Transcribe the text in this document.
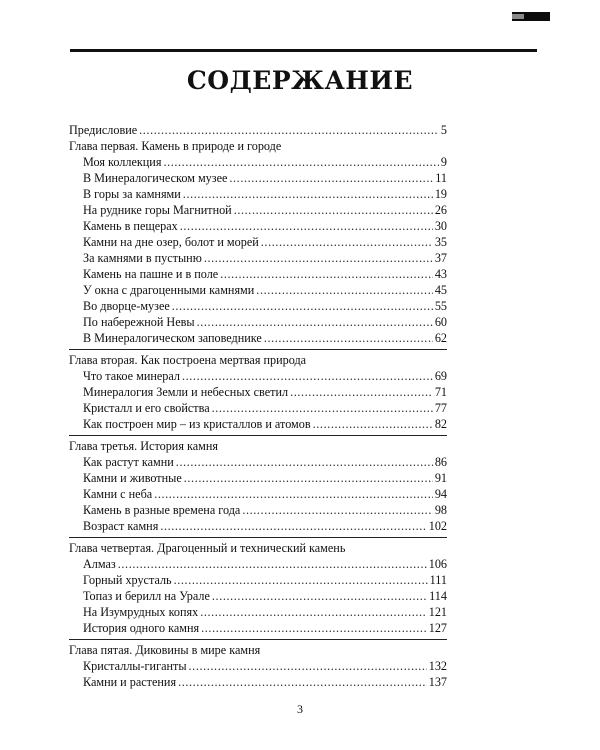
СОДЕРЖАНИЕ
Предисловие .....	5
Глава первая. Камень в природе и городе
Моя коллекция .....	9
В Минералогическом музее .....	11
В горы за камнями .....	19
На руднике горы Магнитной .....	26
Камень в пещерах .....	30
Камни на дне озер, болот и морей .....	35
За камнями в пустыню .....	37
Камень на пашне и в поле .....	43
У окна с драгоценными камнями .....	45
Во дворце-музее .....	55
По набережной Невы .....	60
В Минералогическом заповеднике .....	62
Глава вторая. Как построена мертвая природа
Что такое минерал .....	69
Минералогия Земли и небесных светил .....	71
Кристалл и его свойства .....	77
Как построен мир – из кристаллов и атомов .....	82
Глава третья. История камня
Как растут камни .....	86
Камни и животные .....	91
Камни с неба .....	94
Камень в разные времена года .....	98
Возраст камня .....	102
Глава четвертая. Драгоценный и технический камень
Алмаз .....	106
Горный хрусталь .....	111
Топаз и берилл на Урале .....	114
На Изумрудных копях .....	121
История одного камня .....	127
Глава пятая. Диковины в мире камня
Кристаллы-гиганты .....	132
Камни и растения .....	137
3
